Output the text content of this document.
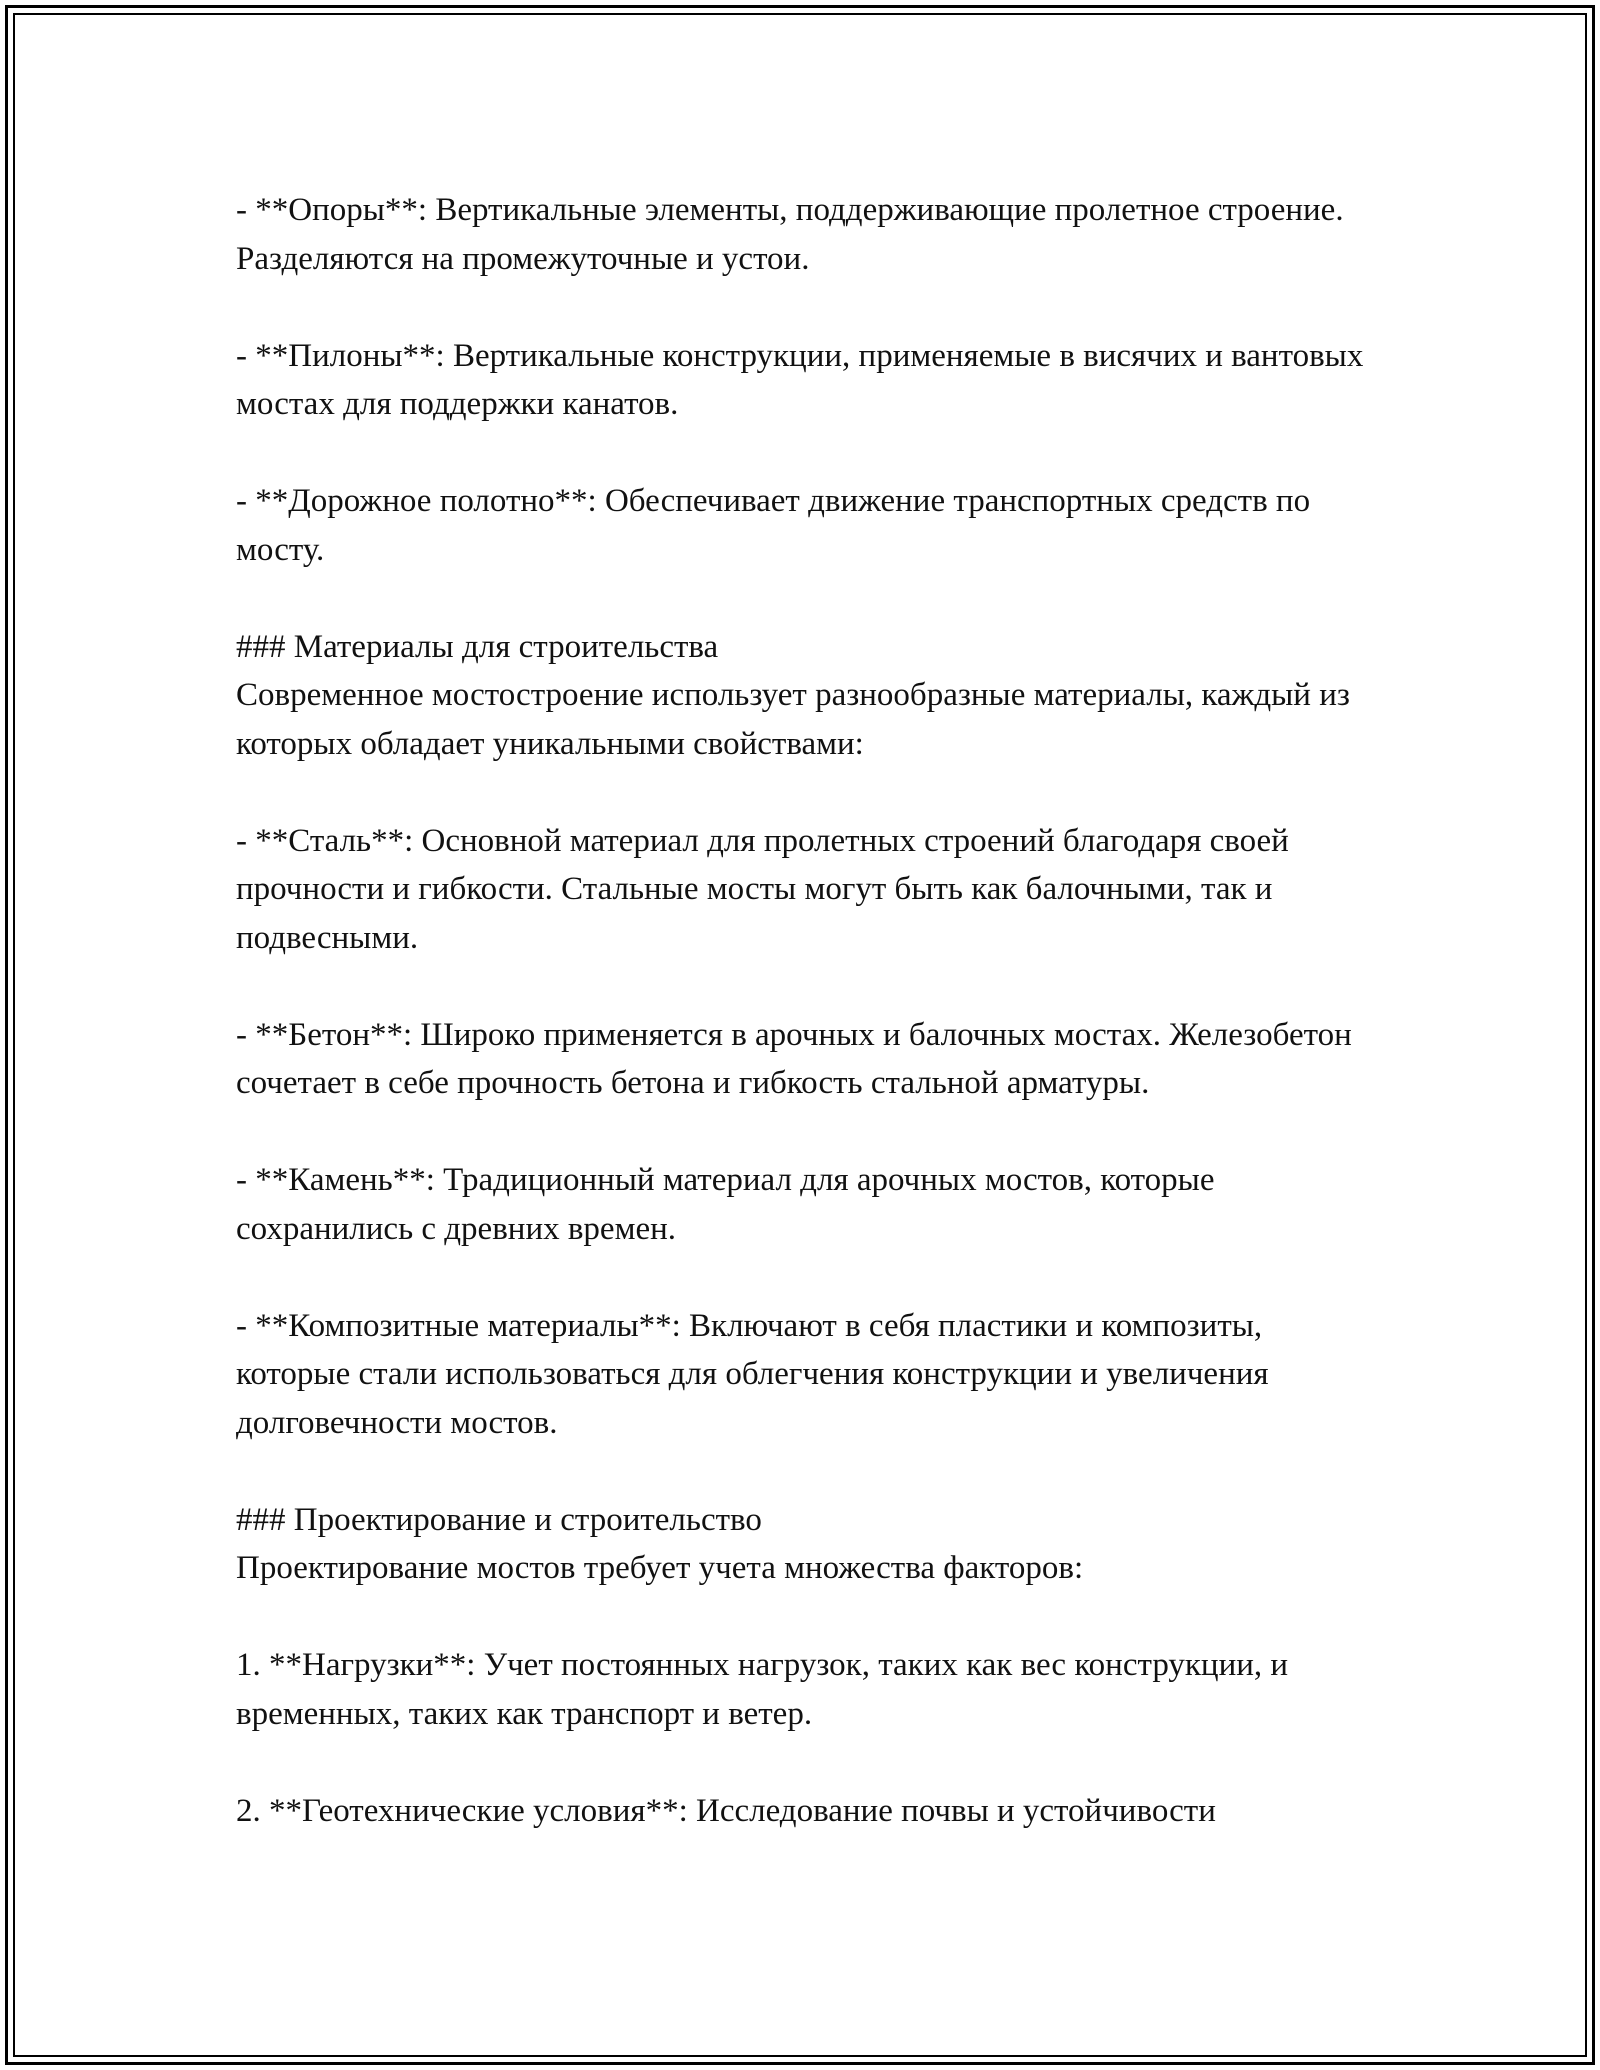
- **Опоры**: Вертикальные элементы, поддерживающие пролетное строение. Разделяются на промежуточные и устои.

- **Пилоны**: Вертикальные конструкции, применяемые в висячих и вантовых мостах для поддержки канатов.

- **Дорожное полотно**: Обеспечивает движение транспортных средств по мосту.

### Материалы для строительства

Современное мостостроение использует разнообразные материалы, каждый из которых обладает уникальными свойствами:

- **Сталь**: Основной материал для пролетных строений благодаря своей прочности и гибкости. Стальные мосты могут быть как балочными, так и подвесными.

- **Бетон**: Широко применяется в арочных и балочных мостах. Железобетон сочетает в себе прочность бетона и гибкость стальной арматуры.

- **Камень**: Традиционный материал для арочных мостов, которые сохранились с древних времен.

- **Композитные материалы**: Включают в себя пластики и композиты, которые стали использоваться для облегчения конструкции и увеличения долговечности мостов.

### Проектирование и строительство

Проектирование мостов требует учета множества факторов:

1. **Нагрузки**: Учет постоянных нагрузок, таких как вес конструкции, и временных, таких как транспорт и ветер.

2. **Геотехнические условия**: Исследование почвы и устойчивости
